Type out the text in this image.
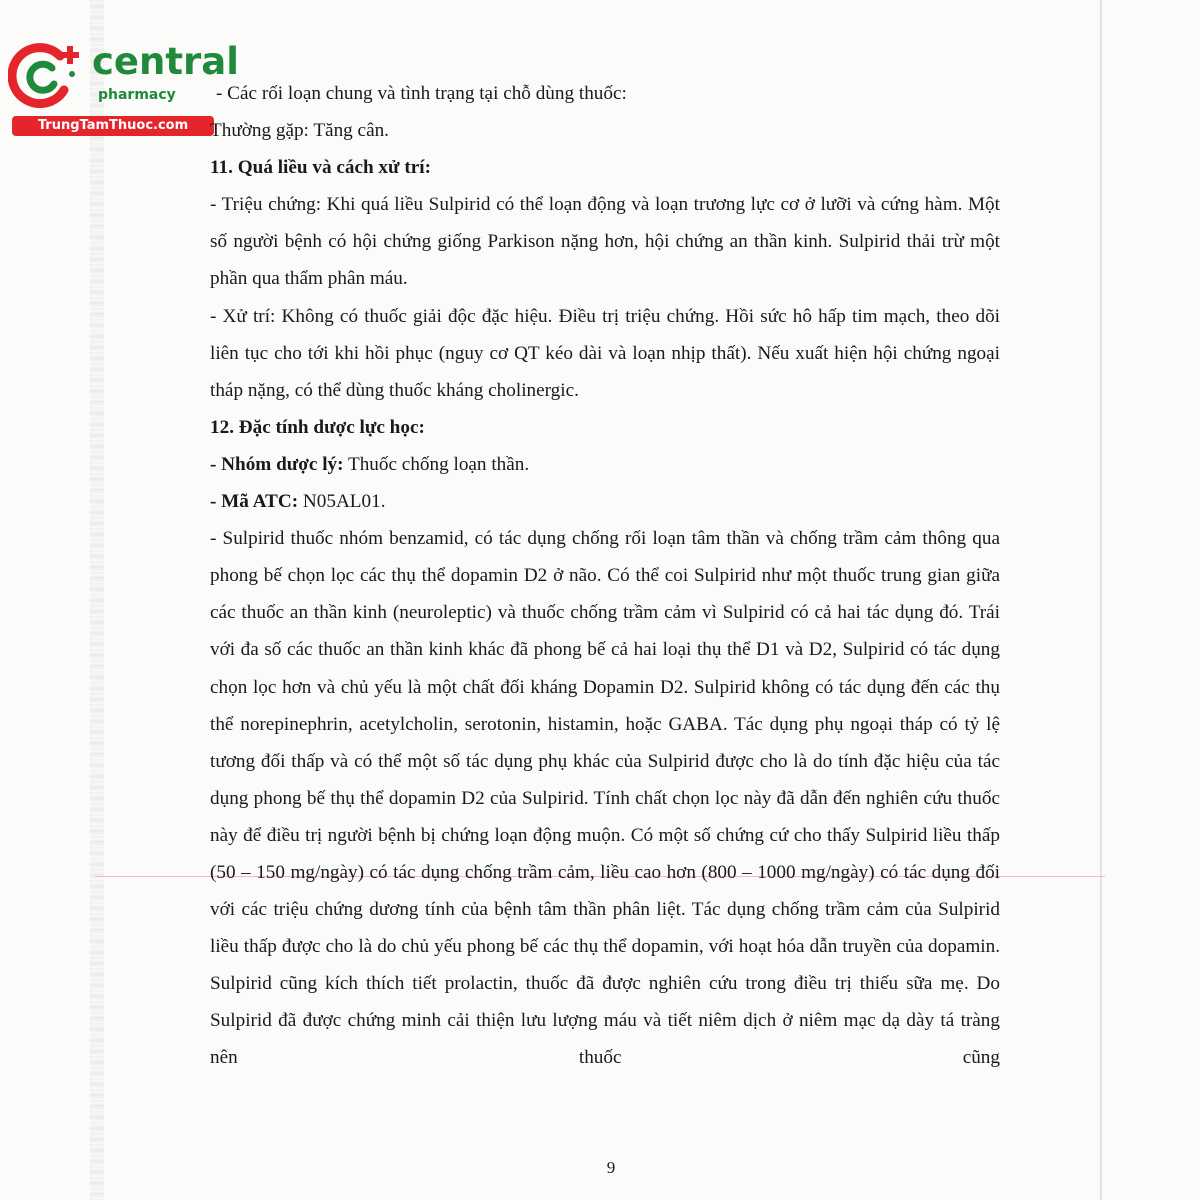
central
pharmacy
TrungTamThuoc.com

- Các rối loạn chung và tình trạng tại chỗ dùng thuốc:

Thường gặp: Tăng cân.

11. Quá liều và cách xử trí:

- Triệu chứng: Khi quá liều Sulpirid có thể loạn động và loạn trương lực cơ ở lưỡi và cứng hàm. Một số người bệnh có hội chứng giống Parkison nặng hơn, hội chứng an thần kinh. Sulpirid thải trừ một phần qua thẩm phân máu.

- Xử trí: Không có thuốc giải độc đặc hiệu. Điều trị triệu chứng. Hồi sức hô hấp tim mạch, theo dõi liên tục cho tới khi hồi phục (nguy cơ QT kéo dài và loạn nhịp thất). Nếu xuất hiện hội chứng ngoại tháp nặng, có thể dùng thuốc kháng cholinergic.

12. Đặc tính dược lực học:

- Nhóm dược lý: Thuốc chống loạn thần.

- Mã ATC: N05AL01.

- Sulpirid thuốc nhóm benzamid, có tác dụng chống rối loạn tâm thần và chống trầm cảm thông qua phong bế chọn lọc các thụ thể dopamin D2 ở não. Có thể coi Sulpirid như một thuốc trung gian giữa các thuốc an thần kinh (neuroleptic) và thuốc chống trầm cảm vì Sulpirid có cả hai tác dụng đó. Trái với đa số các thuốc an thần kinh khác đã phong bế cả hai loại thụ thể D1 và D2, Sulpirid có tác dụng chọn lọc hơn và chủ yếu là một chất đối kháng Dopamin D2. Sulpirid không có tác dụng đến các thụ thể norepinephrin, acetylcholin, serotonin, histamin, hoặc GABA. Tác dụng phụ ngoại tháp có tỷ lệ tương đối thấp và có thể một số tác dụng phụ khác của Sulpirid được cho là do tính đặc hiệu của tác dụng phong bế thụ thể dopamin D2 của Sulpirid. Tính chất chọn lọc này đã dẫn đến nghiên cứu thuốc này để điều trị người bệnh bị chứng loạn động muộn. Có một số chứng cứ cho thấy Sulpirid liều thấp (50 – 150 mg/ngày) có tác dụng chống trầm cảm, liều cao hơn (800 – 1000 mg/ngày) có tác dụng đối với các triệu chứng dương tính của bệnh tâm thần phân liệt. Tác dụng chống trầm cảm của Sulpirid liều thấp được cho là do chủ yếu phong bế các thụ thể dopamin, với hoạt hóa dẫn truyền của dopamin. Sulpirid cũng kích thích tiết prolactin, thuốc đã được nghiên cứu trong điều trị thiếu sữa mẹ. Do Sulpirid đã được chứng minh cải thiện lưu lượng máu và tiết niêm dịch ở niêm mạc dạ dày tá tràng nên thuốc cũng

9
